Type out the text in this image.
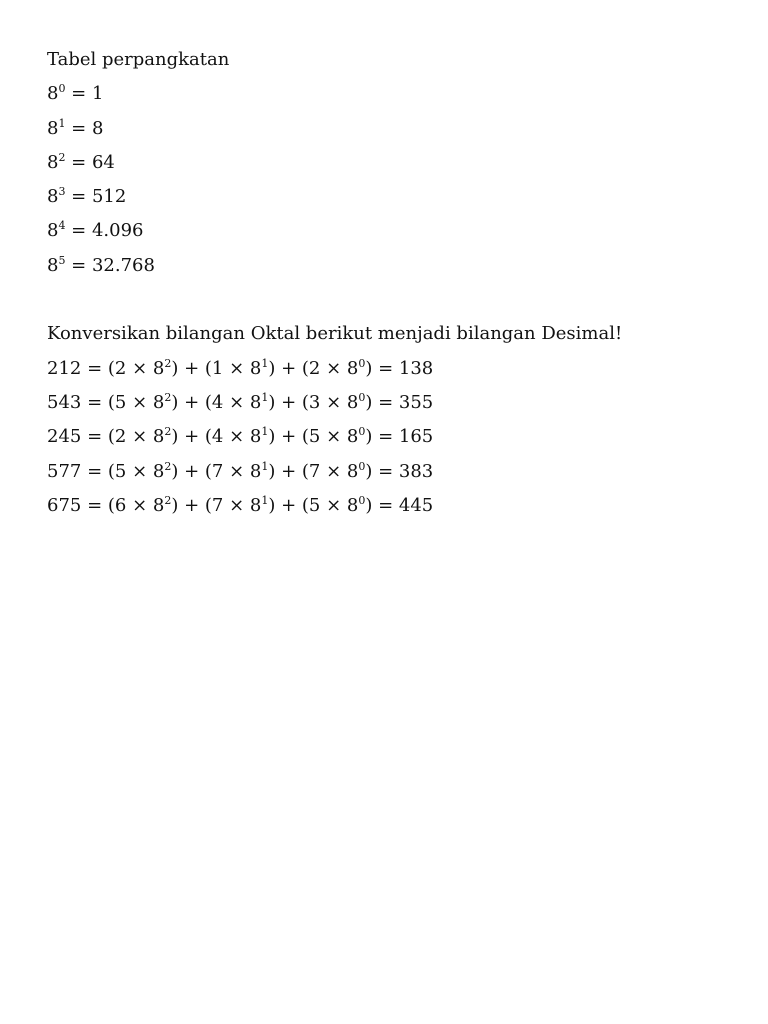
Tabel perpangkatan
$8^0 = 1$
$8^1 = 8$
$8^2 = 64$
$8^3 = 512$
$8^4 = 4.096$
$8^5 = 32.768$
Konversikan bilangan Oktal berikut menjadi bilangan Desimal!
$212 = (2 \times 8^2) + (1 \times 8^1) + (2 \times 8^0) = 138$
$543 = (5 \times 8^2) + (4 \times 8^1) + (3 \times 8^0) = 355$
$245 = (2 \times 8^2) + (4 \times 8^1) + (5 \times 8^0) = 165$
$577 = (5 \times 8^2) + (7 \times 8^1) + (7 \times 8^0) = 383$
$675 = (6 \times 8^2) + (7 \times 8^1) + (5 \times 8^0) = 445$
